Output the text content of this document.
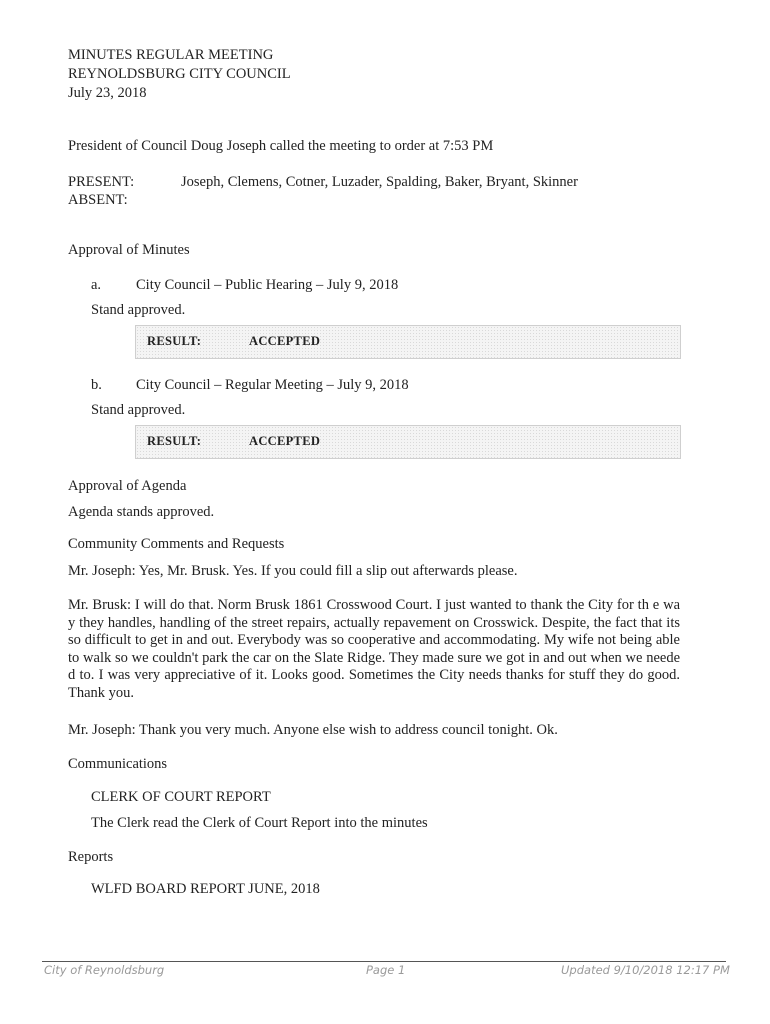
MINUTES REGULAR MEETING
REYNOLDSBURG CITY COUNCIL
July 23, 2018
President of Council Doug Joseph called the meeting to order at 7:53 PM
PRESENT:	Joseph, Clemens, Cotner, Luzader, Spalding, Baker, Bryant, Skinner
ABSENT:
Approval of Minutes
a. City Council – Public Hearing – July 9, 2018
Stand approved.
RESULT:	ACCEPTED
b. City Council – Regular Meeting – July 9, 2018
Stand approved.
RESULT:	ACCEPTED
Approval of Agenda
Agenda stands approved.
Community Comments and Requests
Mr. Joseph: Yes, Mr. Brusk. Yes. If you could fill a slip out afterwards please.
Mr. Brusk: I will do that. Norm Brusk 1861 Crosswood Court. I just wanted to thank the City for th e way they handles, handling of the street repairs, actually repavement on Crosswick. Despite, the fact that its so difficult to get in and out. Everybody was so cooperative and accommodating. My wife not being able to walk so we couldn't park the car on the Slate Ridge. They made sure we got in and out when we needed to. I was very appreciative of it. Looks good. Sometimes the City needs thanks for stuff they do good. Thank you.
Mr. Joseph: Thank you very much. Anyone else wish to address council tonight. Ok.
Communications
CLERK OF COURT REPORT
The Clerk read the Clerk of Court Report into the minutes
Reports
WLFD BOARD REPORT JUNE, 2018
City of Reynoldsburg	Page 1	Updated 9/10/2018 12:17 PM
